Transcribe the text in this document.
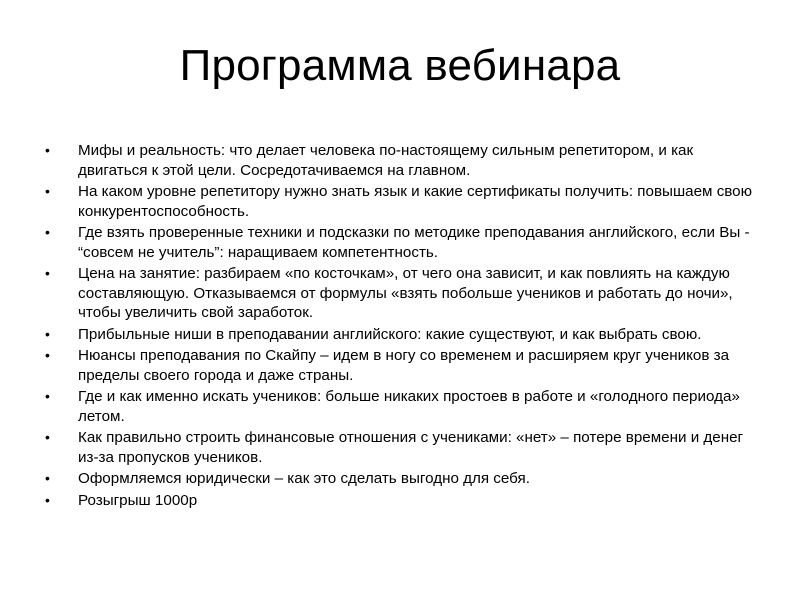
Программа вебинара
• Мифы и реальность: что делает человека по-настоящему сильным репетитором, и как двигаться к этой цели. Сосредотачиваемся на главном.
• На каком уровне репетитору нужно знать язык и какие сертификаты получить: повышаем свою конкурентоспособность.
• Где взять проверенные техники и подсказки по методике преподавания английского, если Вы - “совсем не учитель”: наращиваем компетентность.
• Цена на занятие: разбираем «по косточкам», от чего она зависит, и как повлиять на каждую составляющую. Отказываемся от формулы «взять побольше учеников и работать до ночи», чтобы увеличить свой заработок.
• Прибыльные ниши в преподавании английского: какие существуют, и как выбрать свою.
• Нюансы преподавания по Скайпу – идем в ногу со временем и расширяем круг учеников за пределы своего города и даже страны.
• Где и как именно искать учеников: больше никаких простоев в работе и «голодного периода» летом.
• Как правильно строить финансовые отношения с учениками: «нет» – потере времени и денег из-за пропусков учеников.
• Оформляемся юридически – как это сделать выгодно для себя.
• Розыгрыш 1000р
